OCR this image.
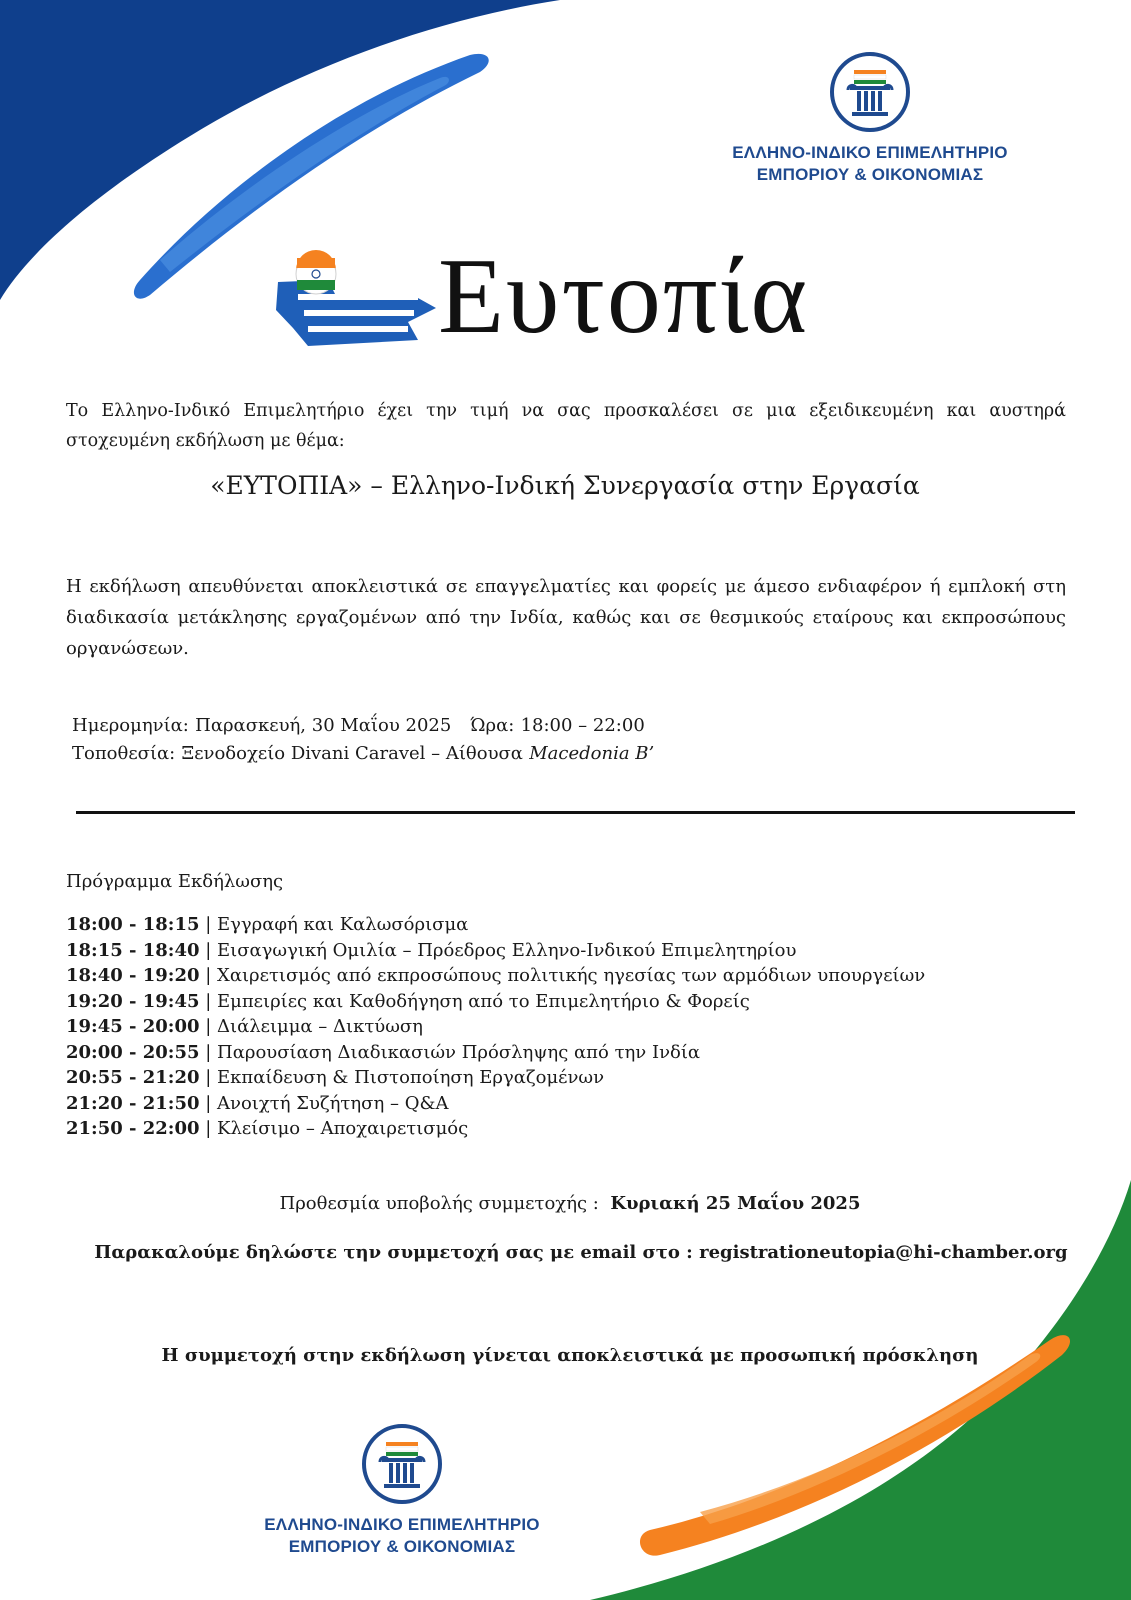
ΕΛΛΗΝΟ-ΙΝΔΙΚΟ ΕΠΙΜΕΛΗΤΗΡΙΟ
ΕΜΠΟΡΙΟΥ & ΟΙΚΟΝΟΜΙΑΣ
Ευτοπία
Το Ελληνο-Ινδικό Επιμελητήριο έχει την τιμή να σας προσκαλέσει σε μια εξειδικευμένη και αυστηρά στοχευμένη εκδήλωση με θέμα:
«ΕΥΤΟΠΙΑ» – Ελληνο-Ινδική Συνεργασία στην Εργασία
Η εκδήλωση απευθύνεται αποκλειστικά σε επαγγελματίες και φορείς με άμεσο ενδιαφέρον ή εμπλοκή στη διαδικασία μετάκλησης εργαζομένων από την Ινδία, καθώς και σε θεσμικούς εταίρους και εκπροσώπους οργανώσεων.
Ημερομηνία: Παρασκευή, 30 Μαΐου 2025 Ώρα: 18:00 – 22:00
Τοποθεσία: Ξενοδοχείο Divani Caravel – Αίθουσα Macedonia B’
Πρόγραμμα Εκδήλωσης
18:00 - 18:15 | Εγγραφή και Καλωσόρισμα
18:15 - 18:40 | Εισαγωγική Ομιλία – Πρόεδρος Ελληνο-Ινδικού Επιμελητηρίου
18:40 - 19:20 | Χαιρετισμός από εκπροσώπους πολιτικής ηγεσίας των αρμόδιων υπουργείων
19:20 - 19:45 | Εμπειρίες και Καθοδήγηση από το Επιμελητήριο & Φορείς
19:45 - 20:00 | Διάλειμμα – Δικτύωση
20:00 - 20:55 | Παρουσίαση Διαδικασιών Πρόσληψης από την Ινδία
20:55 - 21:20 | Εκπαίδευση & Πιστοποίηση Εργαζομένων
21:20 - 21:50 | Ανοιχτή Συζήτηση – Q&A
21:50 - 22:00 | Κλείσιμο – Αποχαιρετισμός
Προθεσμία υποβολής συμμετοχής : Κυριακή 25 Μαΐου 2025
Παρακαλούμε δηλώστε την συμμετοχή σας με email στο : registrationeutopia@hi-chamber.org
Η συμμετοχή στην εκδήλωση γίνεται αποκλειστικά με προσωπική πρόσκληση
ΕΛΛΗΝΟ-ΙΝΔΙΚΟ ΕΠΙΜΕΛΗΤΗΡΙΟ
ΕΜΠΟΡΙΟΥ & ΟΙΚΟΝΟΜΙΑΣ
